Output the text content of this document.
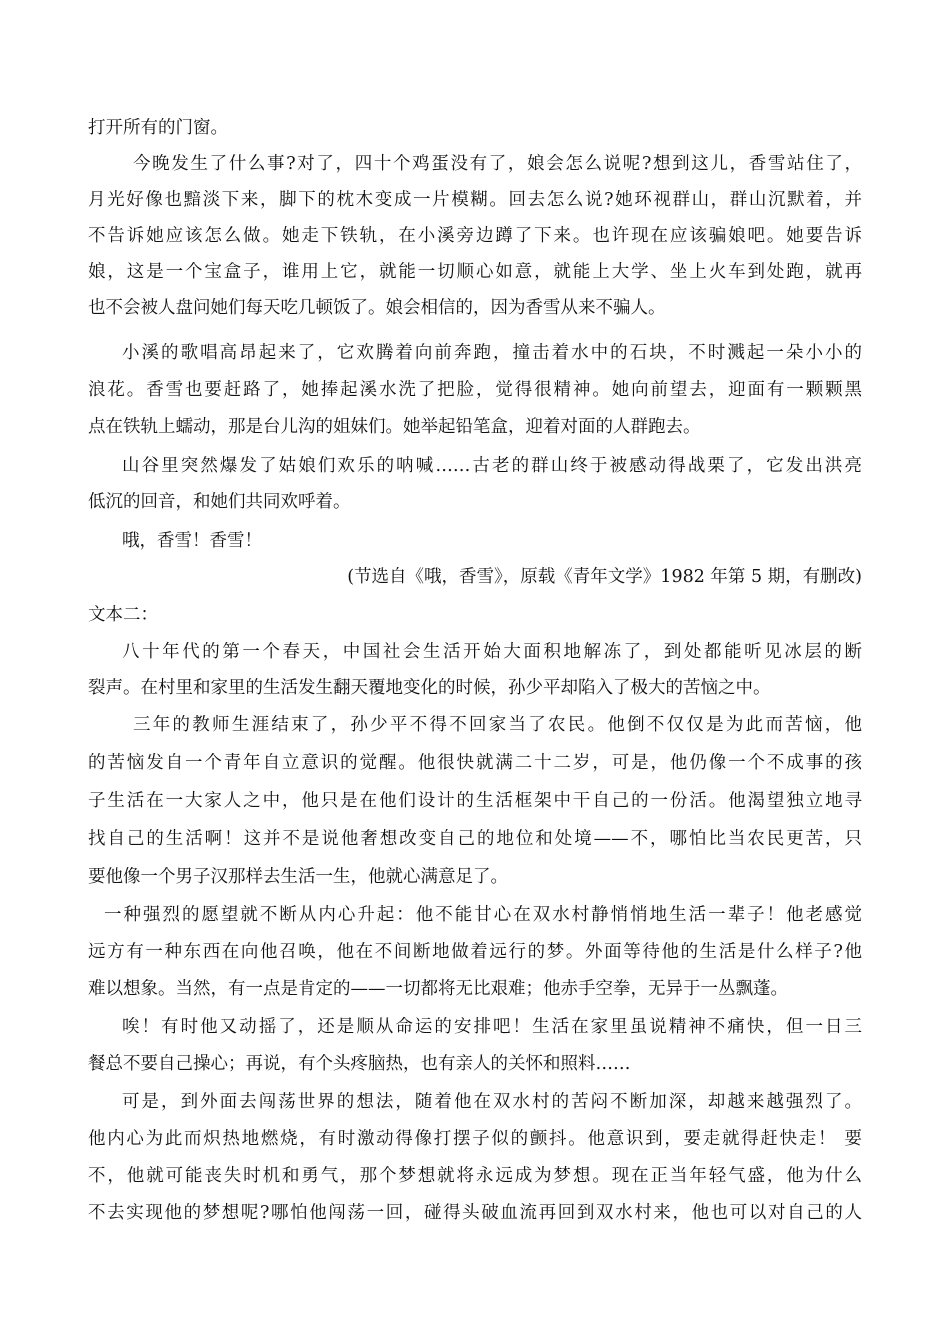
打开所有的门窗。
今晚发生了什么事?对了，四十个鸡蛋没有了，娘会怎么说呢?想到这儿，香雪站住了，
月光好像也黯淡下来，脚下的枕木变成一片模糊。回去怎么说?她环视群山，群山沉默着，并
不告诉她应该怎么做。她走下铁轨，在小溪旁边蹲了下来。也许现在应该骗娘吧。她要告诉
娘，这是一个宝盒子，谁用上它，就能一切顺心如意，就能上大学、坐上火车到处跑，就再
也不会被人盘问她们每天吃几顿饭了。娘会相信的，因为香雪从来不骗人。
小溪的歌唱高昂起来了，它欢腾着向前奔跑，撞击着水中的石块，不时溅起一朵小小的
浪花。香雪也要赶路了，她捧起溪水洗了把脸，觉得很精神。她向前望去，迎面有一颗颗黑
点在铁轨上蠕动，那是台儿沟的姐妹们。她举起铅笔盒，迎着对面的人群跑去。
山谷里突然爆发了姑娘们欢乐的呐喊……古老的群山终于被感动得战栗了，它发出洪亮
低沉的回音，和她们共同欢呼着。
哦，香雪！香雪！
(节选自《哦，香雪》，原载《青年文学》1982 年第 5 期，有删改)
文本二：
八十年代的第一个春天，中国社会生活开始大面积地解冻了，到处都能听见冰层的断
裂声。在村里和家里的生活发生翻天覆地变化的时候，孙少平却陷入了极大的苦恼之中。
三年的教师生涯结束了，孙少平不得不回家当了农民。他倒不仅仅是为此而苦恼，他
的苦恼发自一个青年自立意识的觉醒。他很快就满二十二岁，可是，他仍像一个不成事的孩
子生活在一大家人之中，他只是在他们设计的生活框架中干自己的一份活。他渴望独立地寻
找自己的生活啊！这并不是说他奢想改变自己的地位和处境——不，哪怕比当农民更苦，只
要他像一个男子汉那样去生活一生，他就心满意足了。
一种强烈的愿望就不断从内心升起：他不能甘心在双水村静悄悄地生活一辈子！他老感觉
远方有一种东西在向他召唤，他在不间断地做着远行的梦。外面等待他的生活是什么样子?他
难以想象。当然，有一点是肯定的——一切都将无比艰难；他赤手空拳，无异于一丛飘蓬。
唉！有时他又动摇了，还是顺从命运的安排吧！生活在家里虽说精神不痛快，但一日三
餐总不要自己操心；再说，有个头疼脑热，也有亲人的关怀和照料……
可是，到外面去闯荡世界的想法，随着他在双水村的苦闷不断加深，却越来越强烈了。
他内心为此而炽热地燃烧，有时激动得像打摆子似的颤抖。他意识到，要走就得赶快走！ 要
不，他就可能丧失时机和勇气，那个梦想就将永远成为梦想。现在正当年轻气盛，他为什么
不去实现他的梦想呢?哪怕他闯荡一回，碰得头破血流再回到双水村来，他也可以对自己的人
